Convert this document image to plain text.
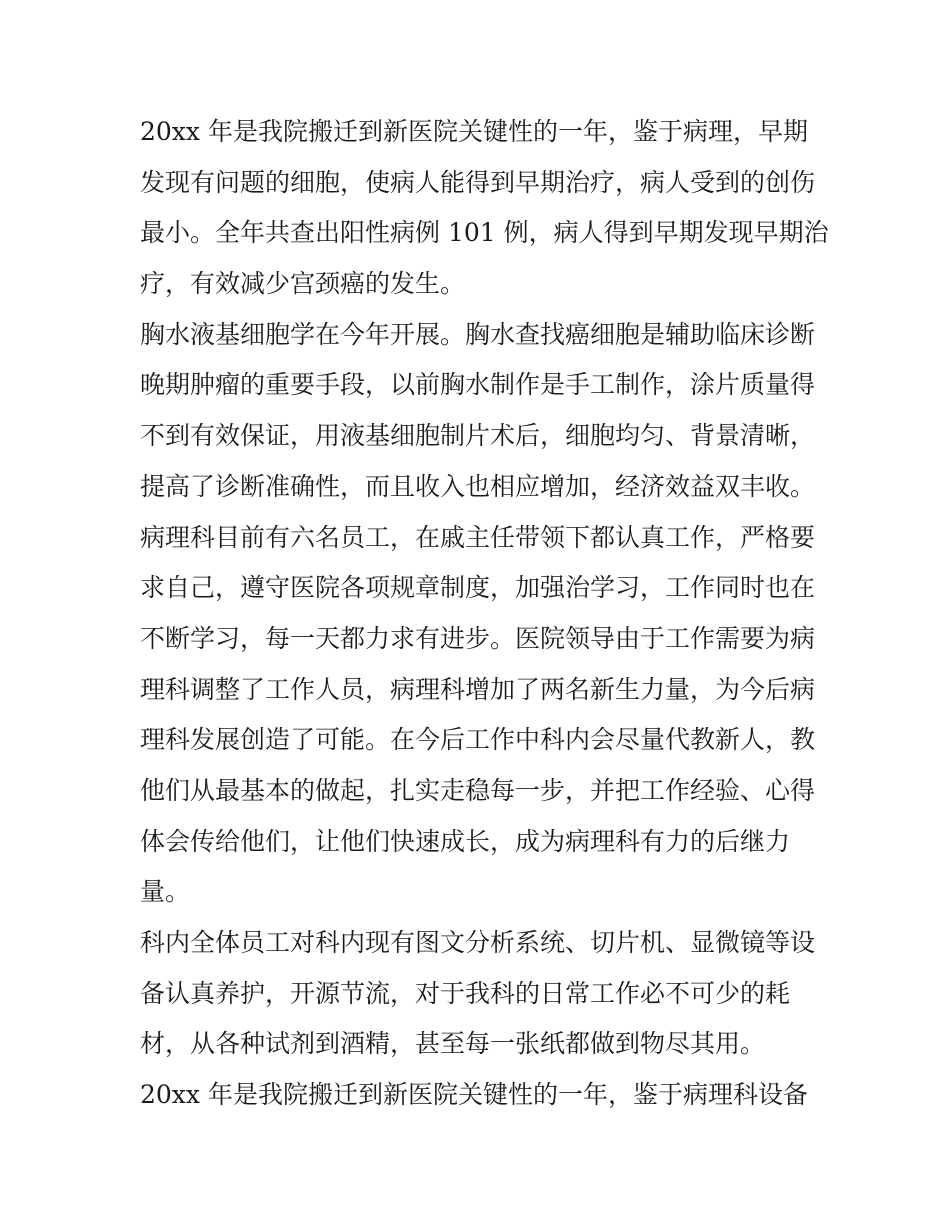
20xx 年是我院搬迁到新医院关键性的一年，鉴于病理，早期
发现有问题的细胞，使病人能得到早期治疗，病人受到的创伤
最小。全年共查出阳性病例 101 例，病人得到早期发现早期治
疗，有效减少宫颈癌的发生。
胸水液基细胞学在今年开展。胸水查找癌细胞是辅助临床诊断
晚期肿瘤的重要手段，以前胸水制作是手工制作，涂片质量得
不到有效保证，用液基细胞制片术后，细胞均匀、背景清晰，
提高了诊断准确性，而且收入也相应增加，经济效益双丰收。
病理科目前有六名员工，在戚主任带领下都认真工作，严格要
求自己，遵守医院各项规章制度，加强治学习，工作同时也在
不断学习，每一天都力求有进步。医院领导由于工作需要为病
理科调整了工作人员，病理科增加了两名新生力量，为今后病
理科发展创造了可能。在今后工作中科内会尽量代教新人，教
他们从最基本的做起，扎实走稳每一步，并把工作经验、心得
体会传给他们，让他们快速成长，成为病理科有力的后继力
量。
科内全体员工对科内现有图文分析系统、切片机、显微镜等设
备认真养护，开源节流，对于我科的日常工作必不可少的耗
材，从各种试剂到酒精，甚至每一张纸都做到物尽其用。
20xx 年是我院搬迁到新医院关键性的一年，鉴于病理科设备
